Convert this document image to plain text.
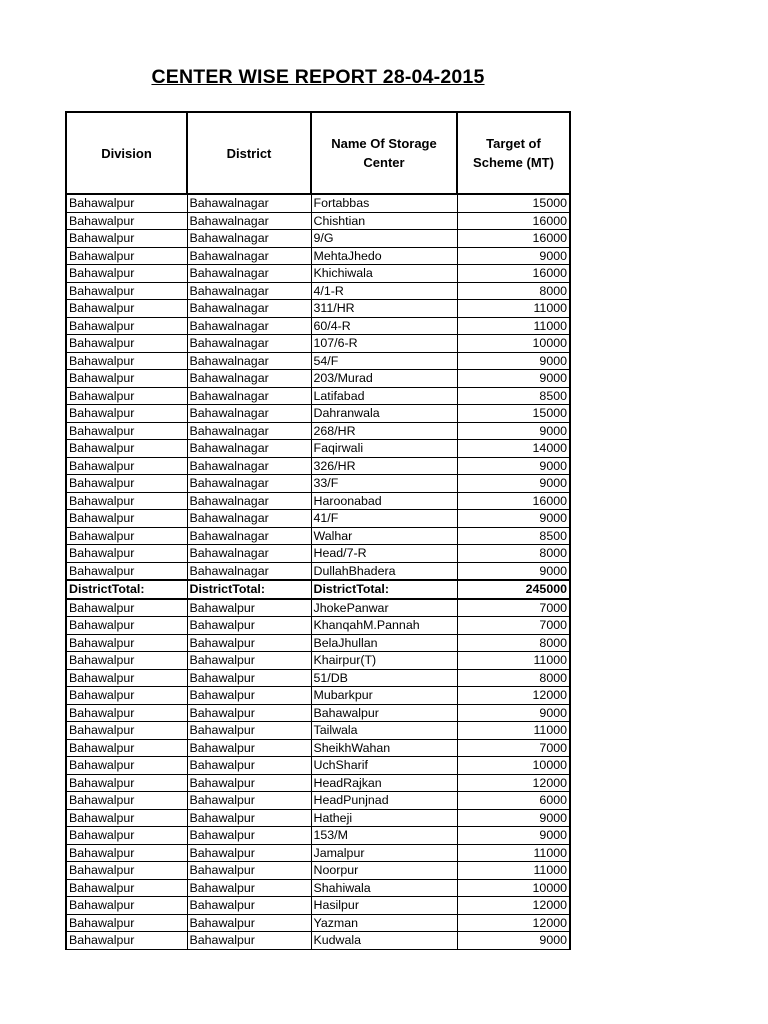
CENTER WISE REPORT 28-04-2015
Division	District	Name Of Storage Center	Target of Scheme (MT)
Bahawalpur	Bahawalnagar	Fortabbas	15000
Bahawalpur	Bahawalnagar	Chishtian	16000
Bahawalpur	Bahawalnagar	9/G	16000
Bahawalpur	Bahawalnagar	MehtaJhedo	9000
Bahawalpur	Bahawalnagar	Khichiwala	16000
Bahawalpur	Bahawalnagar	4/1-R	8000
Bahawalpur	Bahawalnagar	311/HR	11000
Bahawalpur	Bahawalnagar	60/4-R	11000
Bahawalpur	Bahawalnagar	107/6-R	10000
Bahawalpur	Bahawalnagar	54/F	9000
Bahawalpur	Bahawalnagar	203/Murad	9000
Bahawalpur	Bahawalnagar	Latifabad	8500
Bahawalpur	Bahawalnagar	Dahranwala	15000
Bahawalpur	Bahawalnagar	268/HR	9000
Bahawalpur	Bahawalnagar	Faqirwali	14000
Bahawalpur	Bahawalnagar	326/HR	9000
Bahawalpur	Bahawalnagar	33/F	9000
Bahawalpur	Bahawalnagar	Haroonabad	16000
Bahawalpur	Bahawalnagar	41/F	9000
Bahawalpur	Bahawalnagar	Walhar	8500
Bahawalpur	Bahawalnagar	Head/7-R	8000
Bahawalpur	Bahawalnagar	DullahBhadera	9000
DistrictTotal:	DistrictTotal:	DistrictTotal:	245000
Bahawalpur	Bahawalpur	JhokePanwar	7000
Bahawalpur	Bahawalpur	KhanqahM.Pannah	7000
Bahawalpur	Bahawalpur	BelaJhullan	8000
Bahawalpur	Bahawalpur	Khairpur(T)	11000
Bahawalpur	Bahawalpur	51/DB	8000
Bahawalpur	Bahawalpur	Mubarkpur	12000
Bahawalpur	Bahawalpur	Bahawalpur	9000
Bahawalpur	Bahawalpur	Tailwala	11000
Bahawalpur	Bahawalpur	SheikhWahan	7000
Bahawalpur	Bahawalpur	UchSharif	10000
Bahawalpur	Bahawalpur	HeadRajkan	12000
Bahawalpur	Bahawalpur	HeadPunjnad	6000
Bahawalpur	Bahawalpur	Hatheji	9000
Bahawalpur	Bahawalpur	153/M	9000
Bahawalpur	Bahawalpur	Jamalpur	11000
Bahawalpur	Bahawalpur	Noorpur	11000
Bahawalpur	Bahawalpur	Shahiwala	10000
Bahawalpur	Bahawalpur	Hasilpur	12000
Bahawalpur	Bahawalpur	Yazman	12000
Bahawalpur	Bahawalpur	Kudwala	9000
